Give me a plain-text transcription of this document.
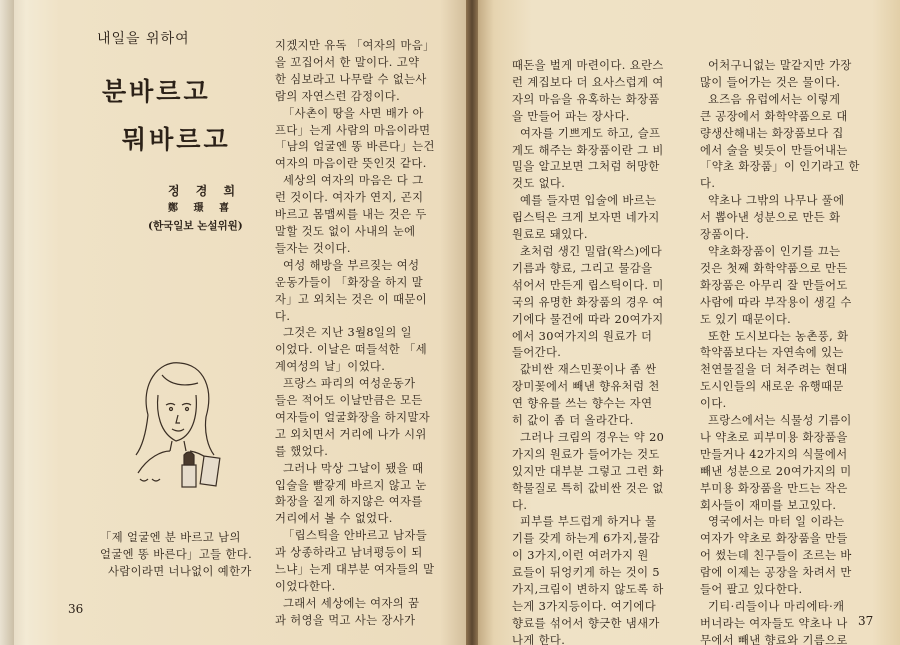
내일을 위하여
분바르고
뭐바르고
정 경 희
鄭 璟 喜
(한국일보 논설위원)
「제 얼굴엔 분 바르고 남의
얼굴엔 똥 바른다」고들 한다.
사람이라면 너나없이 예한가
지겠지만 유독 「여자의 마음」
을 꼬집어서 한 말이다. 고약
한 심보라고 나무랄 수 없는사
람의 자연스런 감정이다.
「사촌이 땅을 사면 배가 아
프다」는게 사람의 마음이라면
「남의 얼굴엔 똥 바른다」는건
여자의 마음이란 뜻인것 같다.
세상의 여자의 마음은 다 그
런 것이다. 여자가 연지, 곤지
바르고 몸맵씨를 내는 것은 두
말할 것도 없이 사내의 눈에
들자는 것이다.
여성 해방을 부르짖는 여성
운동가들이 「화장을 하지 말
자」고 외치는 것은 이 때문이
다.
그것은 지난 3월8일의 일
이었다. 이날은 떠들석한 「세
계여성의 날」이었다.
프랑스 파리의 여성운동가
들은 적어도 이날만큼은 모든
여자들이 얼굴화장을 하지말자
고 외치면서 거리에 나가 시위
를 했었다.
그러나 막상 그날이 됐을 때
입술을 빨갛게 바르지 않고 눈
화장을 짙게 하지않은 여자를
거리에서 볼 수 없었다.
「립스틱을 안바르고 남자들
과 상종하라고 남녀평등이 되
느냐」는게 대부분 여자들의 말
이었다한다.
그래서 세상에는 여자의 꿈
과 허영을 먹고 사는 장사가
36
때돈을 벌게 마련이다. 요란스
런 계집보다 더 요사스럽게 여
자의 마음을 유혹하는 화장품
을 만들어 파는 장사다.
여자를 기쁘게도 하고, 슬프
게도 해주는 화장품이란 그 비
밀을 알고보면 그처럼 허망한
것도 없다.
예를 들자면 입술에 바르는
립스틱은 크게 보자면 네가지
원료로 돼있다.
초처럼 생긴 밀랍(왁스)에다
기름과 향료, 그리고 물감을
섞어서 만든게 립스틱이다. 미
국의 유명한 화장품의 경우 여
기에다 물건에 따라 20여가지
에서 30여가지의 원료가 더
들어간다.
값비싼 재스민꽃이나 좀 싼
장미꽃에서 빼낸 향유처럼 천
연 향유를 쓰는 향수는 자연
히 값이 좀 더 올라간다.
그러나 크림의 경우는 약 20
가지의 원료가 들어가는 것도
있지만 대부분 그렇고 그런 화
학물질로 특히 값비싼 것은 없
다.
피부를 부드럽게 하거나 물
기를 갖게 하는게 6가지,물감
이 3가지,이런 여러가지 원
료들이 뒤엉키게 하는 것이 5
가지,크림이 변하지 않도록 하
는게 3가지등이다. 여기에다
향료를 섞어서 향긋한 냄새가
나게 한다.
어처구니없는 말같지만 가장
많이 들어가는 것은 물이다.
요즈음 유럽에서는 이렇게
큰 공장에서 화학약품으로 대
량생산해내는 화장품보다 집
에서 술을 빚듯이 만들어내는
「약초 화장품」이 인기라고 한
다.
약초나 그밖의 나무나 풀에
서 뽑아낸 성분으로 만든 화
장품이다.
약초화장품이 인기를 끄는
것은 첫째 화학약품으로 만든
화장품은 아무리 잘 만들어도
사람에 따라 부작용이 생길 수
도 있기 때문이다.
또한 도시보다는 농촌풍, 화
학약품보다는 자연속에 있는
천연물질을 더 쳐주려는 현대
도시인들의 새로운 유행때문
이다.
프랑스에서는 식물성 기름이
나 약초로 피부미용 화장품을
만들거나 42가지의 식물에서
빼낸 성분으로 20여가지의 미
부미용 화장품을 만드는 작은
회사들이 재미를 보고있다.
영국에서는 마터 일 이라는
여자가 약초로 화장품을 만들
어 썼는데 친구들이 조르는 바
람에 이제는 공장을 차려서 만
들어 팔고 있다한다.
기티·리들이나 마리에타·캐
버너라는 여자들도 약초나 나
무에서 빼낸 향료와 기름으로
37
